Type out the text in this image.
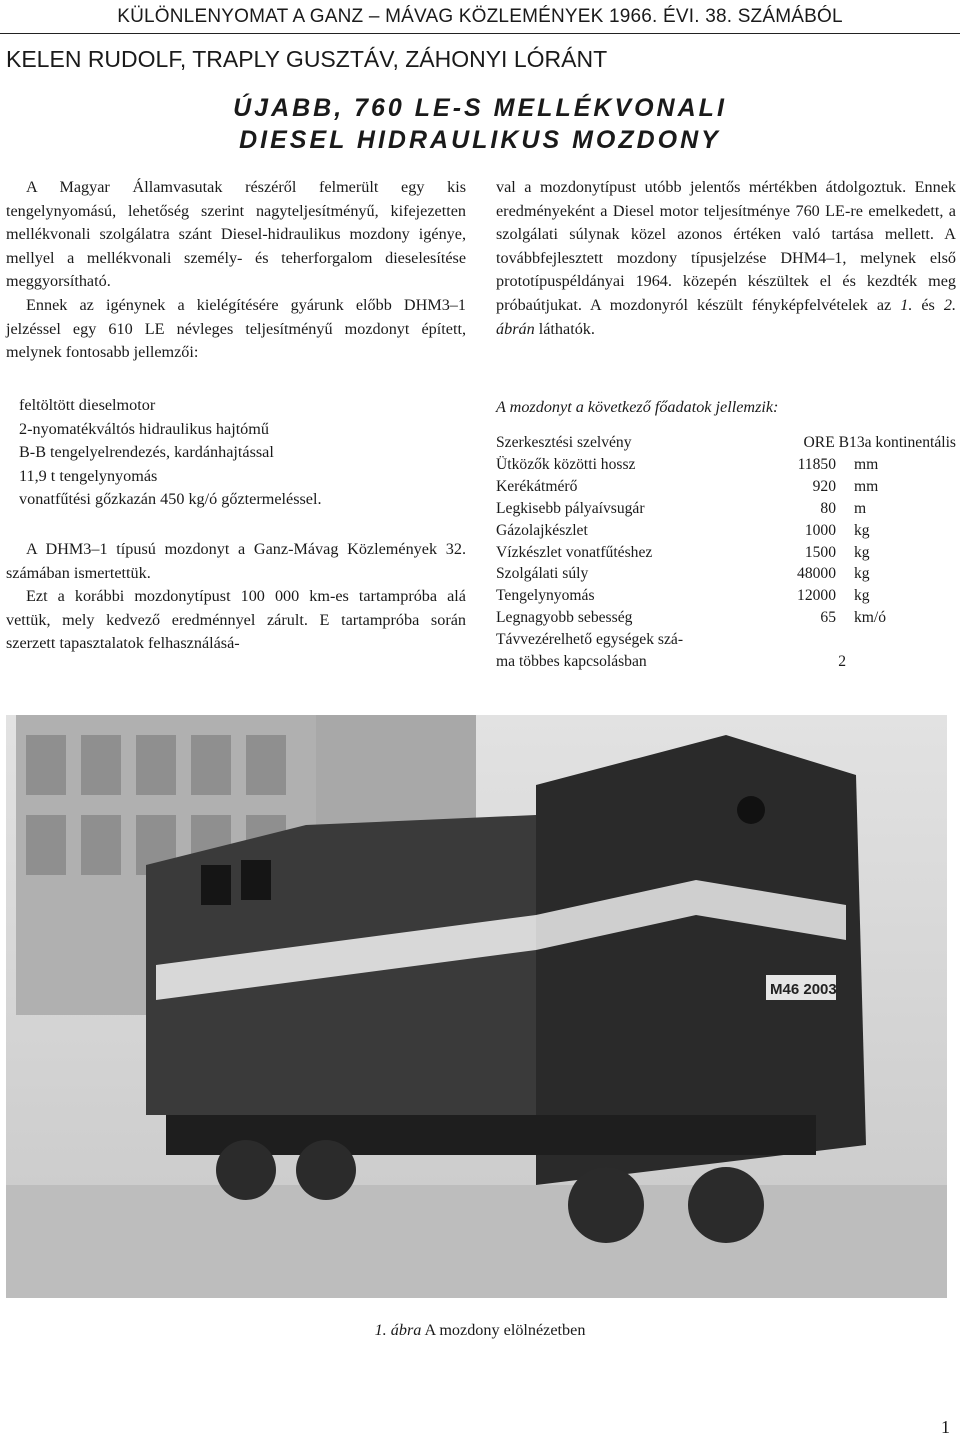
KÜLÖNLENYOMAT A GANZ – MÁVAG KÖZLEMÉNYEK 1966. ÉVI. 38. SZÁMÁBÓL
KELEN RUDOLF, TRAPLY GUSZTÁV, ZÁHONYI LÓRÁNT
ÚJABB, 760 LE-S MELLÉKVONALI
DIESEL HIDRAULIKUS MOZDONY

A Magyar Államvasutak részéről felmerült egy kis tengelynyomású, lehetőség szerint nagyteljesítményű, kifejezetten mellékvonali szolgálatra szánt Diesel-hidraulikus mozdony igénye, mellyel a mellékvonali személy- és teherforgalom dieselesítése meggyorsítható.

Ennek az igénynek a kielégítésére gyárunk előbb DHM3–1 jelzéssel egy 610 LE névleges teljesítményű mozdonyt épített, melynek fontosabb jellemzői:

feltöltött dieselmotor
2-nyomatékváltós hidraulikus hajtómű
B-B tengelyelrendezés, kardánhajtással
11,9 t tengelynyomás
vonatfűtési gőzkazán 450 kg/ó gőztermeléssel.

A DHM3–1 típusú mozdonyt a Ganz-Mávag Közlemények 32. számában ismertettük.

Ezt a korábbi mozdonytípust 100 000 km-es tartampróba alá vettük, mely kedvező eredménnyel zárult. E tartampróba során szerzett tapasztalatok felhasználásá-

val a mozdonytípust utóbb jelentős mértékben átdolgoztuk. Ennek eredményeként a Diesel motor teljesítménye 760 LE-re emelkedett, a szolgálati súlynak közel azonos értéken való tartása mellett. A továbbfejlesztett mozdony típusjelzése DHM4–1, melynek első prototípuspéldányai 1964. közepén készültek el és kezdték meg próbaútjukat. A mozdonyról készült fényképfelvételek az 1. és 2. ábrán láthatók.

A mozdonyt a következő főadatok jellemzik:
Szerkesztési szelvény	ORE B13a kontinentális	
Ütközők közötti hossz	11850	mm
Kerékátmérő	920	mm
Legkisebb pályaívsugár	80	m
Gázolajkészlet	1000	kg
Vízkészlet vonatfűtéshez	1500	kg
Szolgálati súly	48000	kg
Tengelynyomás	12000	kg
Legnagyobb sebesség	65	km/ó

Távvezérelhető egységek szá-
ma többes kapcsolásban	2	
M46 2003
1. ábra A mozdony elölnézetben
1
